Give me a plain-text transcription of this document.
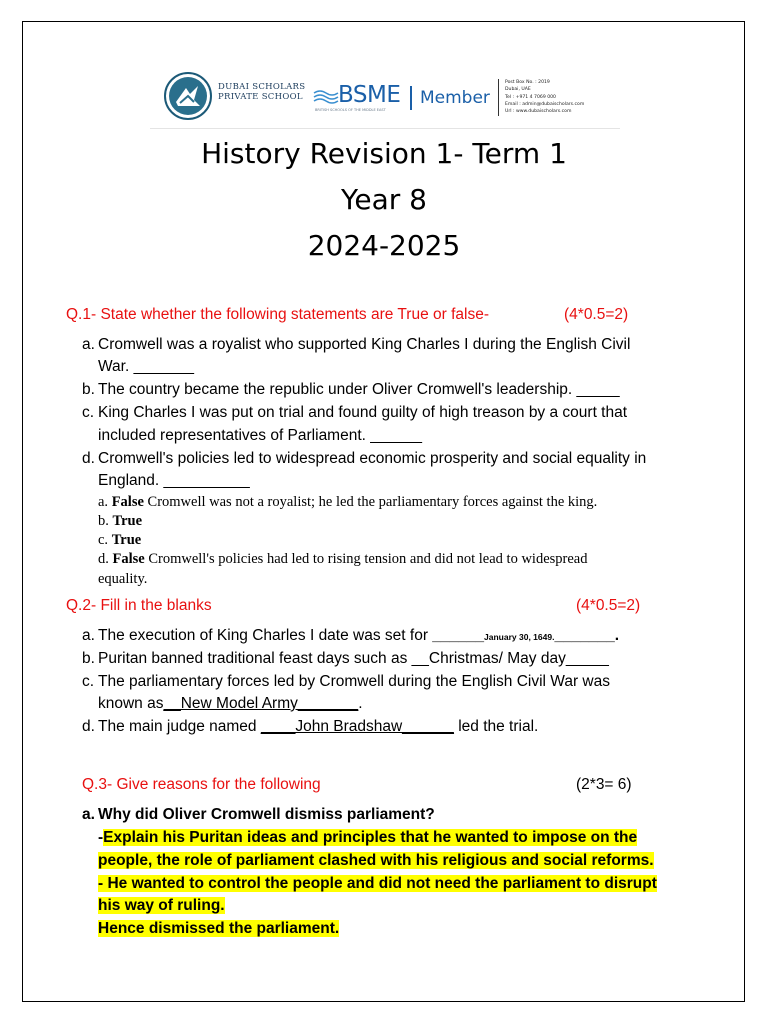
DUBAI SCHOLARS
PRIVATE SCHOOL BSME
BRITISH SCHOOLS OF THE MIDDLE EAST
Member
Post Box No. : 2019
Dubai, UAE
Tel : +971 4 7069 000
Email : admin@dubaischolars.com
Url : www.dubaischolars.com
History Revision 1- Term 1
Year 8
2024-2025
Q.1- State whether the following statements are True or false-	(4*0.5=2)
a. Cromwell was a royalist who supported King Charles I during the English Civil
War. _______
b. The country became the republic under Oliver Cromwell's leadership. _____
c. King Charles I was put on trial and found guilty of high treason by a court that
included representatives of Parliament. ______
d. Cromwell's policies led to widespread economic prosperity and social equality in
England. __________
a. False Cromwell was not a royalist; he led the parliamentary forces against the king.
b. True
c. True
d. False Cromwell's policies had led to rising tension and did not lead to widespread
equality.
Q.2- Fill in the blanks	(4*0.5=2)
a. The execution of King Charles I date was set for ______January 30, 1649._______.
b. Puritan banned traditional feast days such as __Christmas/ May day_____
c. The parliamentary forces led by Cromwell during the English Civil War was
known as__New Model Army_______.
d. The main judge named ____John Bradshaw______ led the trial.
Q.3- Give reasons for the following	(2*3= 6)
a. Why did Oliver Cromwell dismiss parliament?
-Explain his Puritan ideas and principles that he wanted to impose on the
people, the role of parliament clashed with his religious and social reforms.
- He wanted to control the people and did not need the parliament to disrupt
his way of ruling.
Hence dismissed the parliament.
